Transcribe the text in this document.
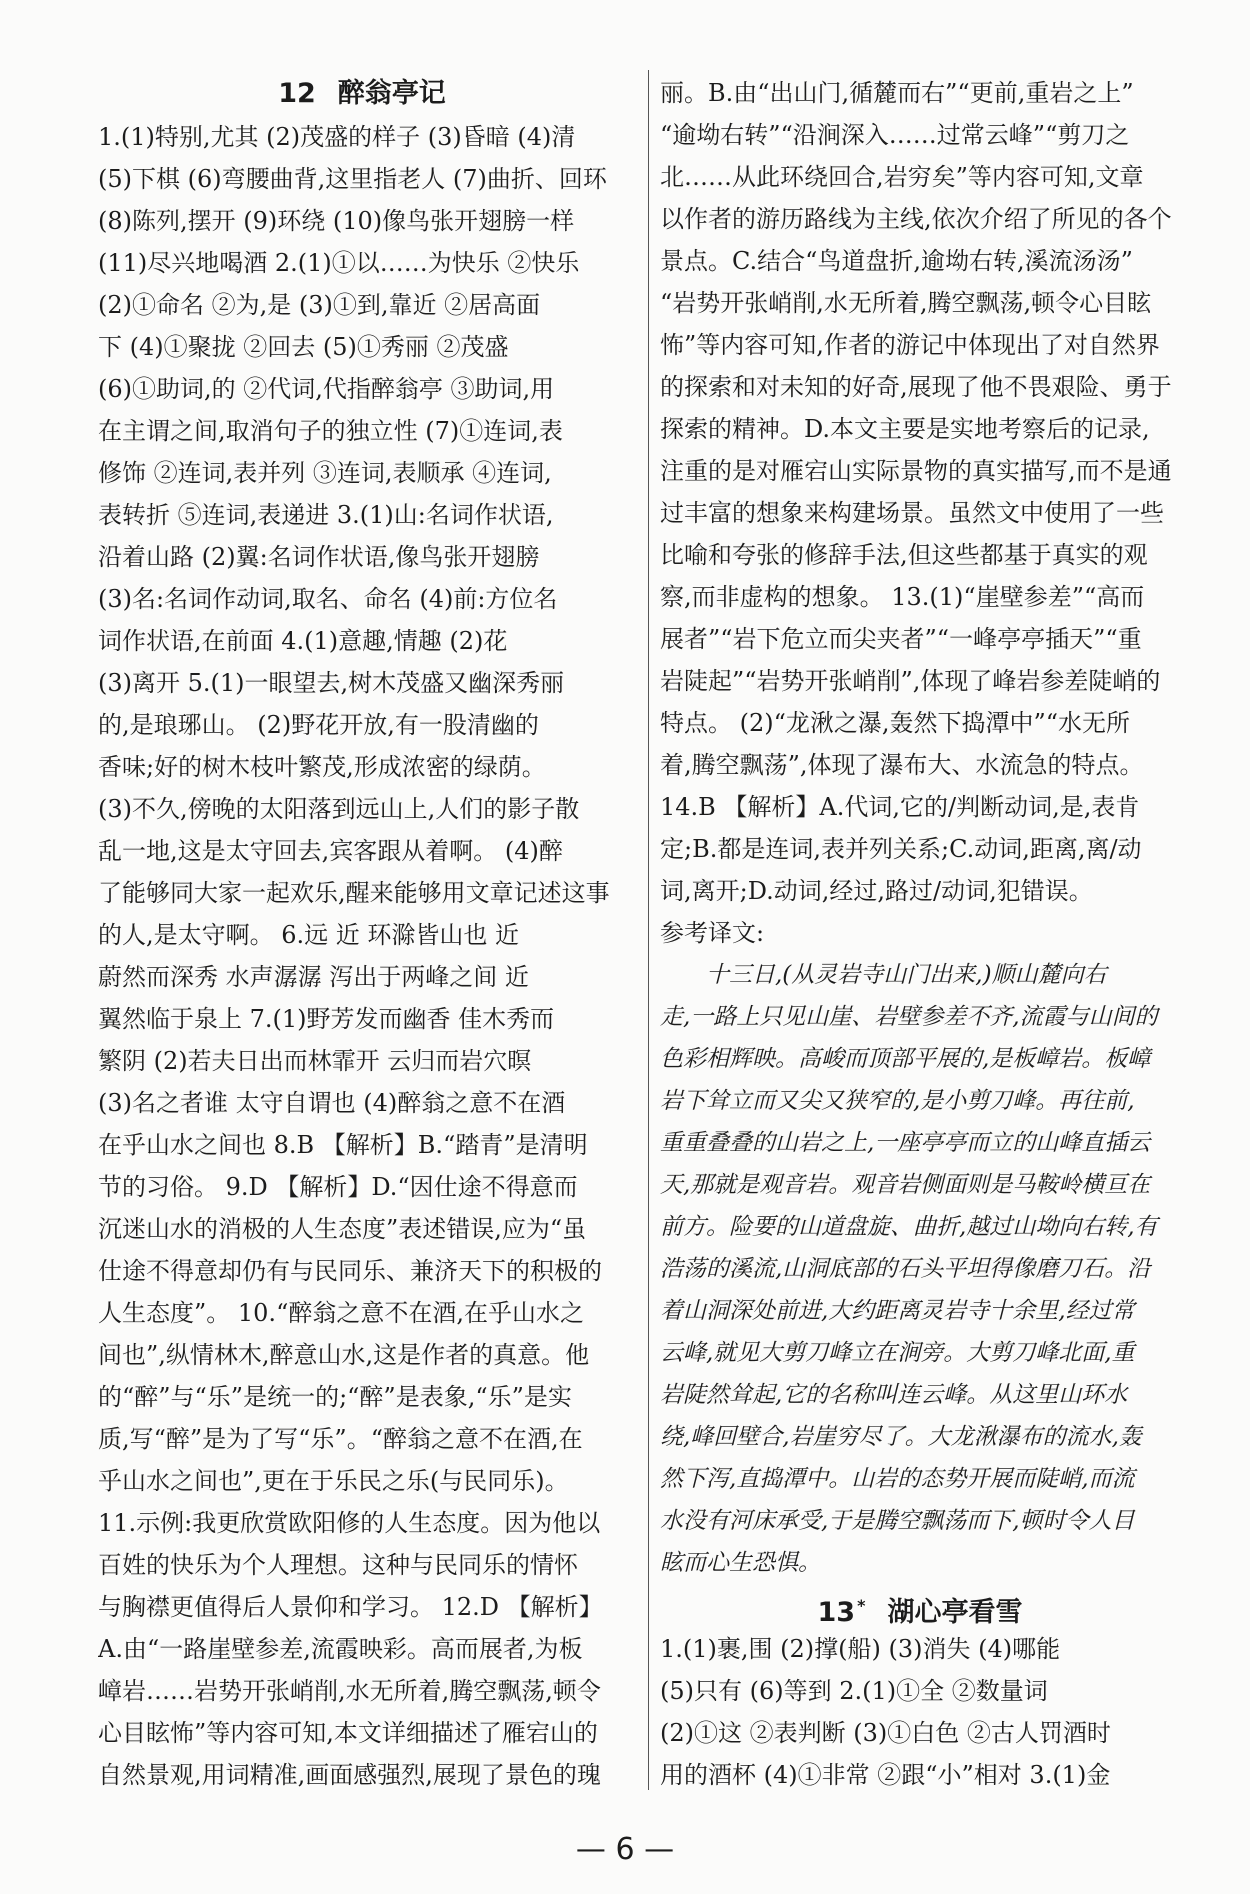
12 醉翁亭记
1.(1)特别,尤其 (2)茂盛的样子 (3)昏暗 (4)清
(5)下棋 (6)弯腰曲背,这里指老人 (7)曲折、回环
(8)陈列,摆开 (9)环绕 (10)像鸟张开翅膀一样
(11)尽兴地喝酒 2.(1)①以……为快乐 ②快乐
(2)①命名 ②为,是 (3)①到,靠近 ②居高面
下 (4)①聚拢 ②回去 (5)①秀丽 ②茂盛
(6)①助词,的 ②代词,代指醉翁亭 ③助词,用
在主谓之间,取消句子的独立性 (7)①连词,表
修饰 ②连词,表并列 ③连词,表顺承 ④连词,
表转折 ⑤连词,表递进 3.(1)山:名词作状语,
沿着山路 (2)翼:名词作状语,像鸟张开翅膀
(3)名:名词作动词,取名、命名 (4)前:方位名
词作状语,在前面 4.(1)意趣,情趣 (2)花
(3)离开 5.(1)一眼望去,树木茂盛又幽深秀丽
的,是琅琊山。 (2)野花开放,有一股清幽的
香味;好的树木枝叶繁茂,形成浓密的绿荫。
(3)不久,傍晚的太阳落到远山上,人们的影子散
乱一地,这是太守回去,宾客跟从着啊。 (4)醉
了能够同大家一起欢乐,醒来能够用文章记述这事
的人,是太守啊。 6.远 近 环滁皆山也 近
蔚然而深秀 水声潺潺 泻出于两峰之间 近
翼然临于泉上 7.(1)野芳发而幽香 佳木秀而
繁阴 (2)若夫日出而林霏开 云归而岩穴暝
(3)名之者谁 太守自谓也 (4)醉翁之意不在酒
在乎山水之间也 8.B 【解析】B.“踏青”是清明
节的习俗。 9.D 【解析】D.“因仕途不得意而
沉迷山水的消极的人生态度”表述错误,应为“虽
仕途不得意却仍有与民同乐、兼济天下的积极的
人生态度”。 10.“醉翁之意不在酒,在乎山水之
间也”,纵情林木,醉意山水,这是作者的真意。他
的“醉”与“乐”是统一的;“醉”是表象,“乐”是实
质,写“醉”是为了写“乐”。“醉翁之意不在酒,在
乎山水之间也”,更在于乐民之乐(与民同乐)。
11.示例:我更欣赏欧阳修的人生态度。因为他以
百姓的快乐为个人理想。这种与民同乐的情怀
与胸襟更值得后人景仰和学习。 12.D 【解析】
A.由“一路崖壁参差,流霞映彩。高而展者,为板
嶂岩……岩势开张峭削,水无所着,腾空飘荡,顿令
心目眩怖”等内容可知,本文详细描述了雁宕山的
自然景观,用词精准,画面感强烈,展现了景色的瑰
丽。B.由“出山门,循麓而右”“更前,重岩之上”
“逾坳右转”“沿涧深入……过常云峰”“剪刀之
北……从此环绕回合,岩穷矣”等内容可知,文章
以作者的游历路线为主线,依次介绍了所见的各个
景点。C.结合“鸟道盘折,逾坳右转,溪流汤汤”
“岩势开张峭削,水无所着,腾空飘荡,顿令心目眩
怖”等内容可知,作者的游记中体现出了对自然界
的探索和对未知的好奇,展现了他不畏艰险、勇于
探索的精神。D.本文主要是实地考察后的记录,
注重的是对雁宕山实际景物的真实描写,而不是通
过丰富的想象来构建场景。虽然文中使用了一些
比喻和夸张的修辞手法,但这些都基于真实的观
察,而非虚构的想象。 13.(1)“崖壁参差”“高而
展者”“岩下危立而尖夹者”“一峰亭亭插天”“重
岩陡起”“岩势开张峭削”,体现了峰岩参差陡峭的
特点。 (2)“龙湫之瀑,轰然下捣潭中”“水无所
着,腾空飘荡”,体现了瀑布大、水流急的特点。
14.B 【解析】A.代词,它的/判断动词,是,表肯
定;B.都是连词,表并列关系;C.动词,距离,离/动
词,离开;D.动词,经过,路过/动词,犯错误。
参考译文:
十三日,(从灵岩寺山门出来,)顺山麓向右
走,一路上只见山崖、岩壁参差不齐,流霞与山间的
色彩相辉映。高峻而顶部平展的,是板嶂岩。板嶂
岩下耸立而又尖又狭窄的,是小剪刀峰。再往前,
重重叠叠的山岩之上,一座亭亭而立的山峰直插云
天,那就是观音岩。观音岩侧面则是马鞍岭横亘在
前方。险要的山道盘旋、曲折,越过山坳向右转,有
浩荡的溪流,山洞底部的石头平坦得像磨刀石。沿
着山洞深处前进,大约距离灵岩寺十余里,经过常
云峰,就见大剪刀峰立在涧旁。大剪刀峰北面,重
岩陡然耸起,它的名称叫连云峰。从这里山环水
绕,峰回壁合,岩崖穷尽了。大龙湫瀑布的流水,轰
然下泻,直捣潭中。山岩的态势开展而陡峭,而流
水没有河床承受,于是腾空飘荡而下,顿时令人目
眩而心生恐惧。
13 * 湖心亭看雪
1.(1)裹,围 (2)撑(船) (3)消失 (4)哪能
(5)只有 (6)等到 2.(1)①全 ②数量词
(2)①这 ②表判断 (3)①白色 ②古人罚酒时
用的酒杯 (4)①非常 ②跟“小”相对 3.(1)金
— 6 —
